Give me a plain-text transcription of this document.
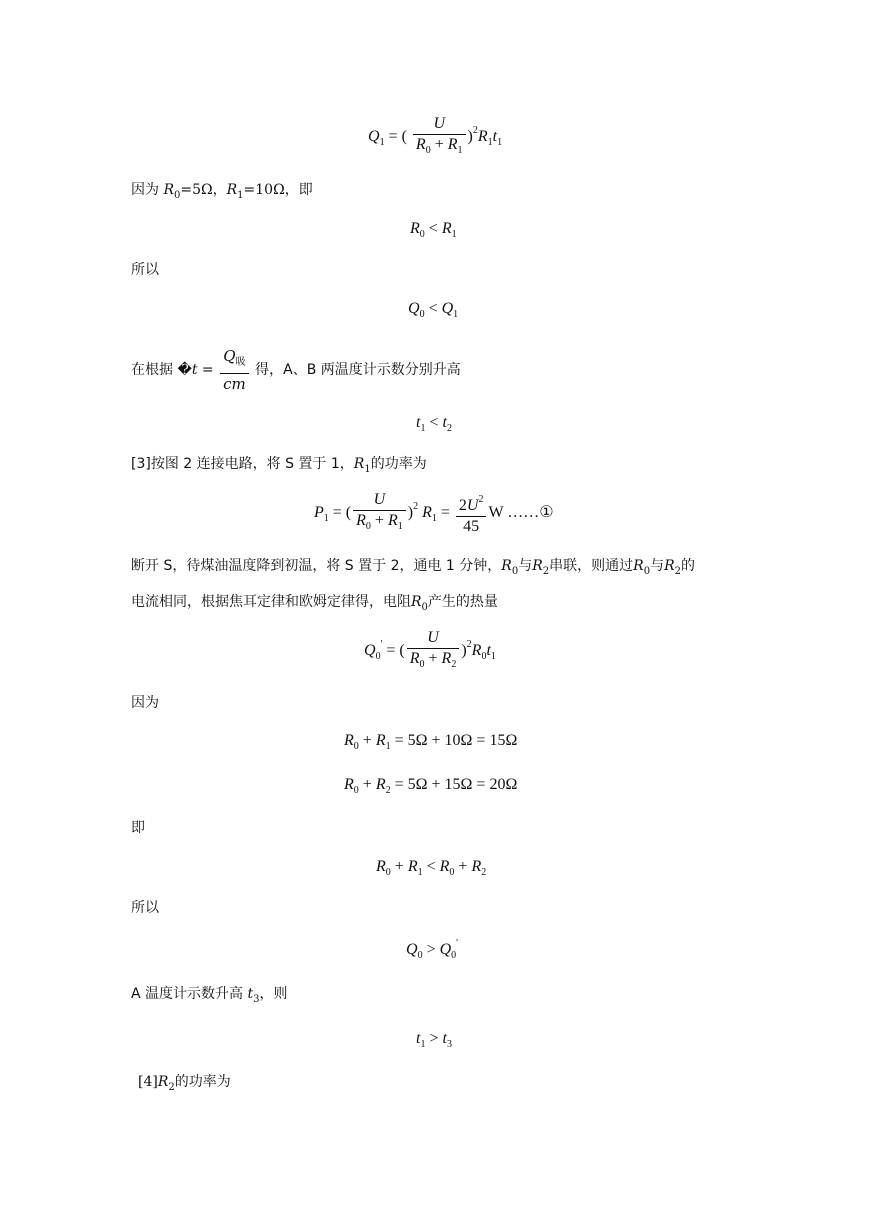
$Q_1$ = ( $\frac{U}{R_0 + R_1} )^2R_1t_1$
因为 $R_0=5\Omega$，$R_1=10\Omega$，即
$R_0 < R_1$
所以
$Q_0 < Q_1$
在根据 �t = $\frac{Q_吸}{cm}$ 得，A、B 两温度计示数分别升高
$t_1 < t_2$
[3]按图 2 连接电路，将 S 置于 1，$R_1$的功率为
$P_1$ = ( $\frac{U}{R_0 + R_1} )^2$ $R_1 = \frac{2U^2}{45}$ W ……①
断开 S，待煤油温度降到初温，将 S 置于 2，通电 1 分钟，$R_0$与$R_2$串联，则通过$R_0$与$R_2$的
电流相同，根据焦耳定律和欧姆定律得，电阻$R_0$产生的热量
$Q_0'$ = ( $\frac{U}{R_0 + R_2} )^2R_0t_1$
因为
$R_0 + R_1 = 5\Omega + 10\Omega = 15\Omega$
$R_0 + R_2 = 5\Omega + 15\Omega = 20\Omega$
即
$R_0 + R_1 < R_0 + R_2$
所以
$Q_0 > Q_0'$
A 温度计示数升高 $t_3$，则
$t_1 > t_3$
$[4]R_2$的功率为
